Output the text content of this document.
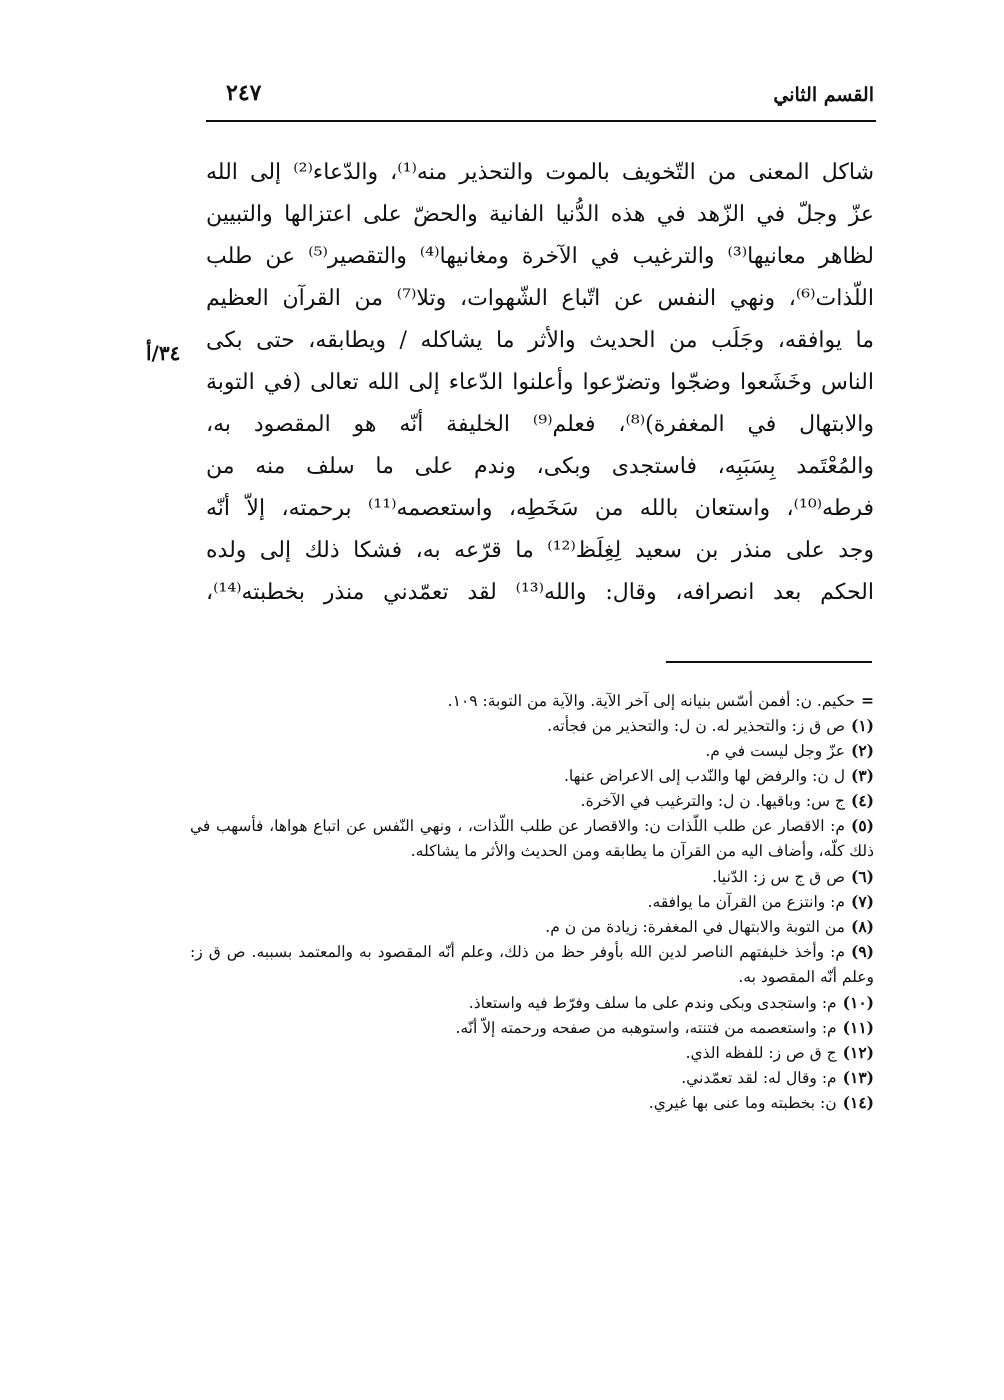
القسم الثاني
٢٤٧
٣٤/أ
شاكل المعنى من التّخويف بالموت والتحذير منه⁽¹⁾، والدّعاء⁽²⁾ إلى الله
عزّ وجلّ في الزّهد في هذه الدُّنيا الفانية والحضّ على اعتزالها والتبيين
لظاهر معانيها⁽³⁾ والترغيب في الآخرة ومغانيها⁽⁴⁾ والتقصير⁽⁵⁾ عن طلب
اللّذات⁽⁶⁾، ونهي النفس عن اتّباع الشّهوات، وتلا⁽⁷⁾ من القرآن العظيم
ما يوافقه، وجَلَب من الحديث والأثر ما يشاكله / ويطابقه، حتى بكى
الناس وخَشَعوا وضجّوا وتضرّعوا وأعلنوا الدّعاء إلى الله تعالى (في التوبة
والابتهال في المغفرة)⁽⁸⁾، فعلم⁽⁹⁾ الخليفة أنّه هو المقصود به،
والمُعْتَمد بِسَبَبِه، فاستجدى وبكى، وندم على ما سلف منه من
فرطه⁽¹⁰⁾، واستعان بالله من سَخَطِه، واستعصمه⁽¹¹⁾ برحمته، إلاّ أنّه
وجد على منذر بن سعيد لِغِلَظ⁽¹²⁾ ما قرّعه به، فشكا ذلك إلى ولده
الحكم بعد انصرافه، وقال: والله⁽¹³⁾ لقد تعمّدني منذر بخطبته⁽¹⁴⁾،
=حكيم. ن: أفمن أسّس بنيانه إلى آخر الآية. والآية من التوبة: ١٠٩.
(١)ص ق ز: والتحذير له. ن ل: والتحذير من فجأته.
(٢)عزّ وجل ليست في م.
(٣)ل ن: والرفض لها والنّدب إلى الاعراض عنها.
(٤)ج س: وباقيها. ن ل: والترغيب في الآخرة.
(٥)م: الاقصار عن طلب اللّذات ن: والاقصار عن طلب اللّذات، ، ونهي النّفس عن اتباع هواها، فأسهب في ذلك كلّه، وأضاف اليه من القرآن ما يطابقه ومن الحديث والأثر ما يشاكله.
(٦)ص ق ج س ز: الدّنيا.
(٧)م: وانتزع من القرآن ما يوافقه.
(٨)من التوبة والابتهال في المغفرة: زيادة من ن م.
(٩)م: وأخذ خليفتهم الناصر لدين الله بأوفر حظ من ذلك، وعلم أنّه المقصود به والمعتمد بسببه. ص ق ز: وعلم أنّه المقصود به.
(١٠)م: واستجدى وبكى وندم على ما سلف وفرّط فيه واستعاذ.
(١١)م: واستعصمه من فتنته، واستوهبه من صفحه ورحمته إلاّ أنّه.
(١٢)ج ق ص ز: للفظه الذي.
(١٣)م: وقال له: لقد تعمّدني.
(١٤)ن: بخطبته وما عنى بها غيري.
